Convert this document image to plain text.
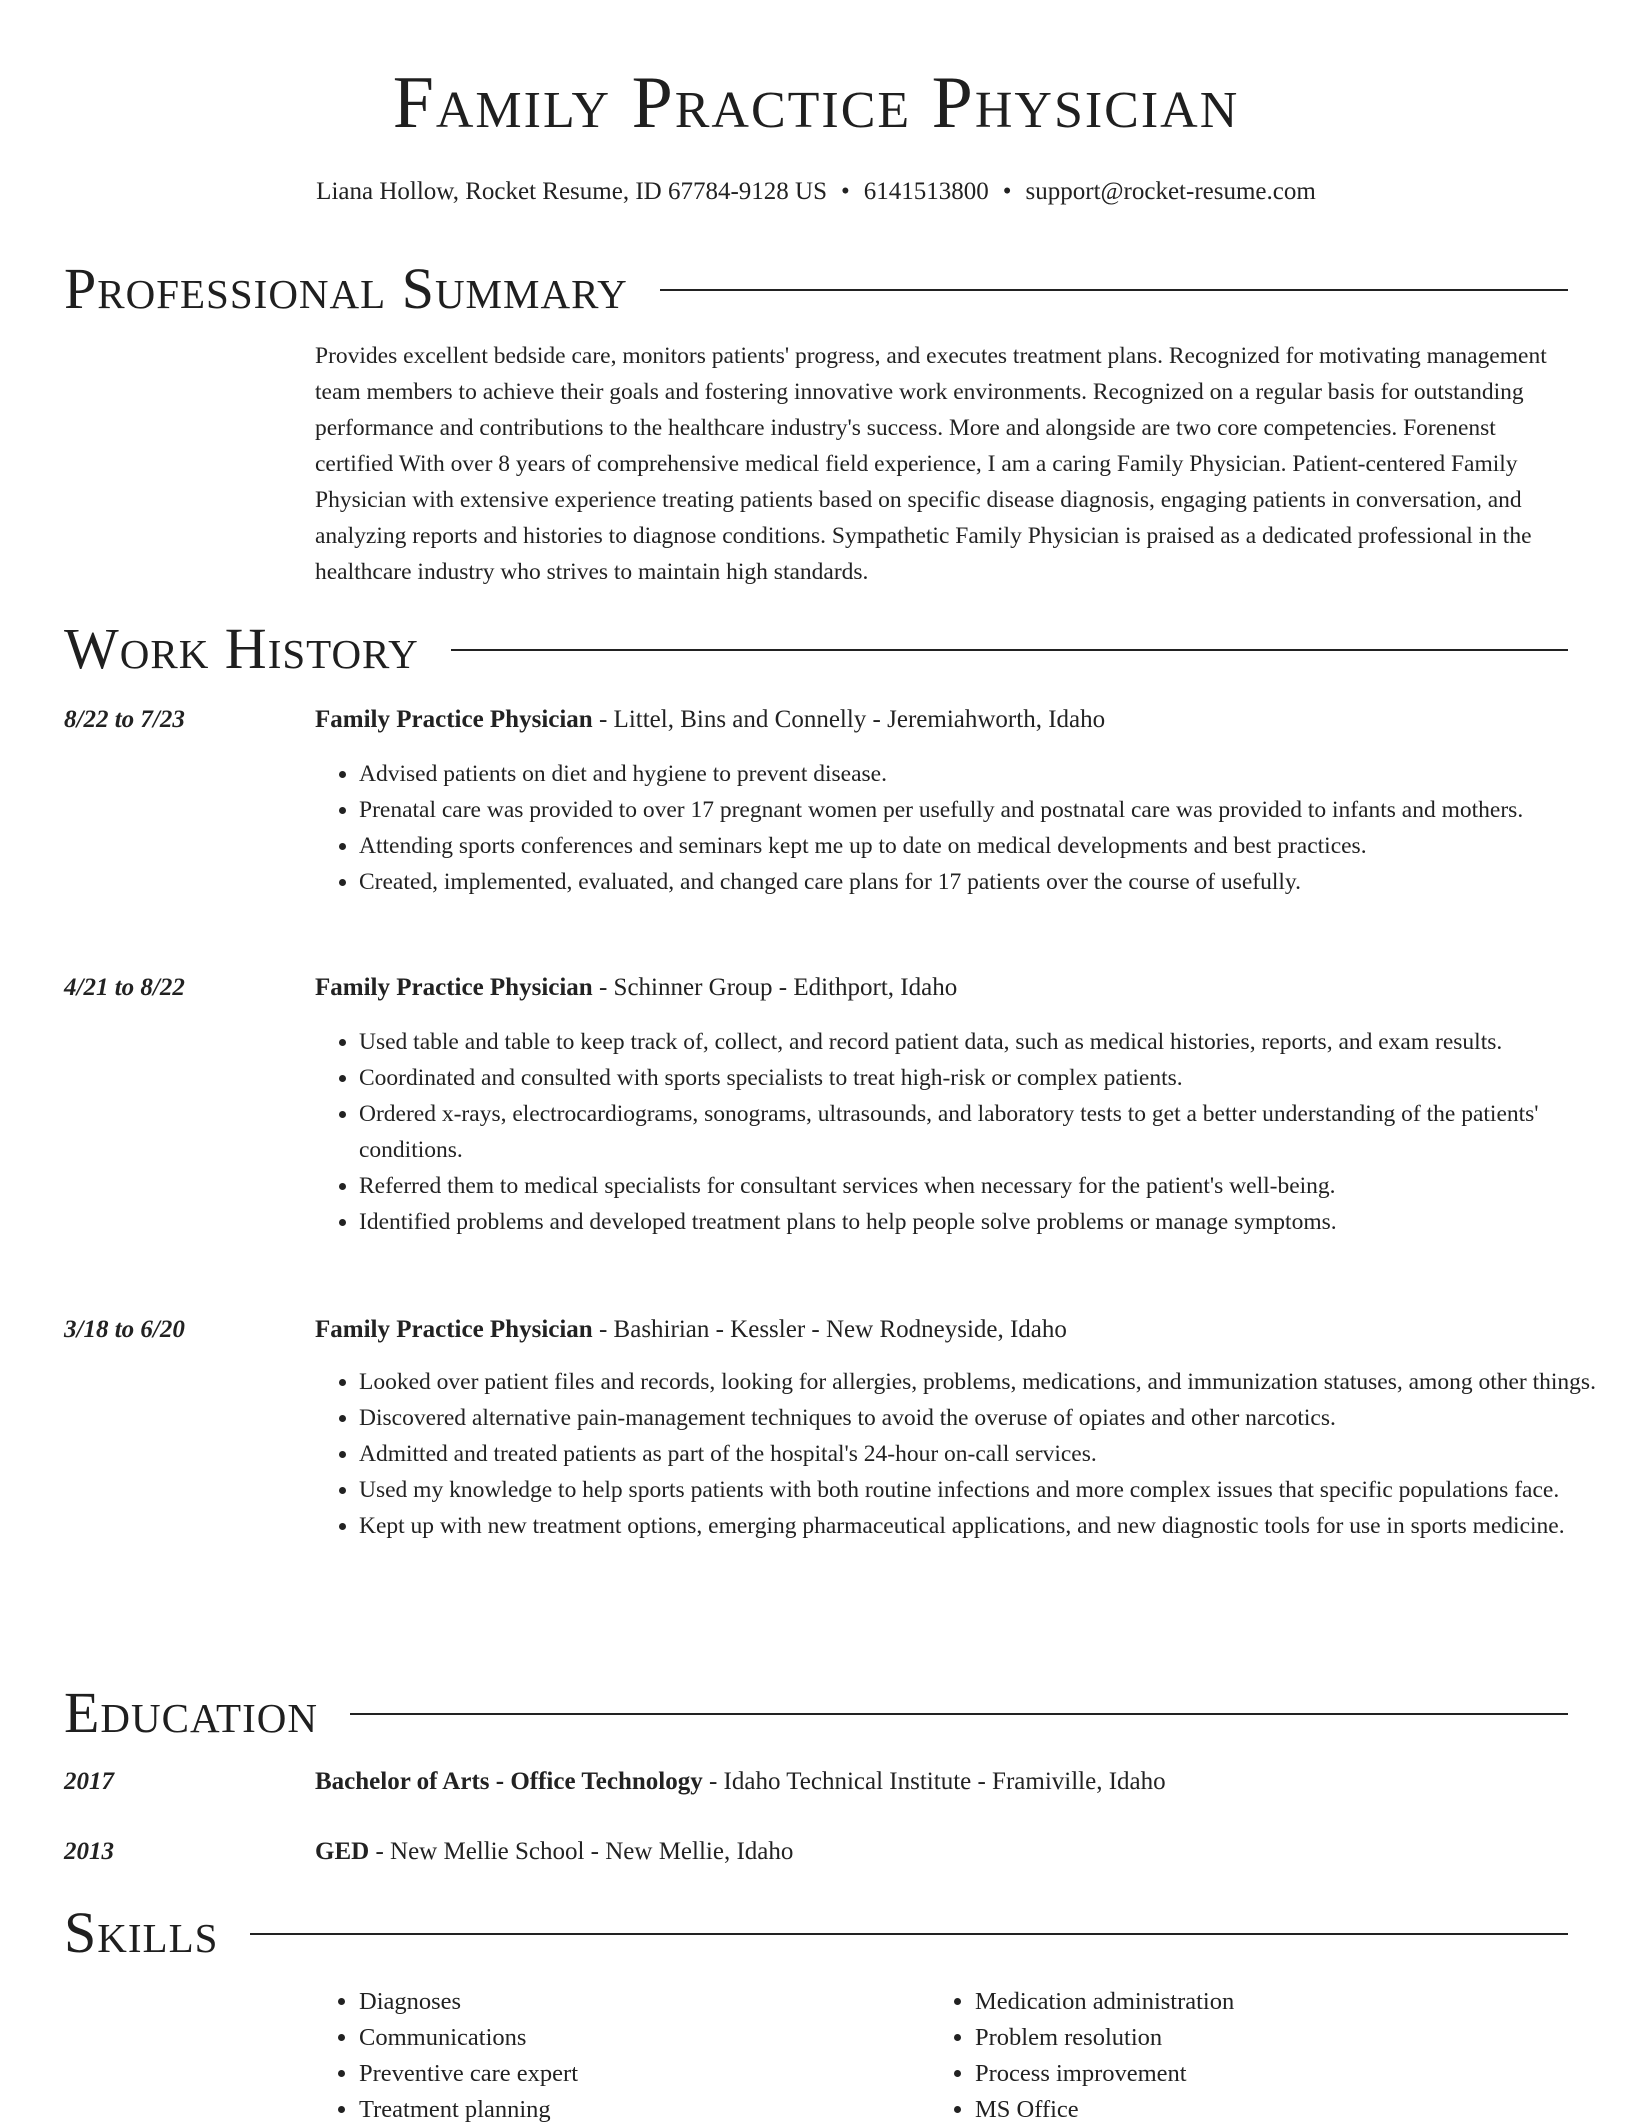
Family Practice Physician
Liana Hollow, Rocket Resume, ID 67784-9128 US • 6141513800 • support@rocket-resume.com
Professional Summary

Provides excellent bedside care, monitors patients' progress, and executes treatment plans. Recognized for motivating management team members to achieve their goals and fostering innovative work environments. Recognized on a regular basis for outstanding performance and contributions to the healthcare industry's success. More and alongside are two core competencies. Forenenst certified With over 8 years of comprehensive medical field experience, I am a caring Family Physician. Patient-centered Family Physician with extensive experience treating patients based on specific disease diagnosis, engaging patients in conversation, and analyzing reports and histories to diagnose conditions. Sympathetic Family Physician is praised as a dedicated professional in the healthcare industry who strives to maintain high standards.

Work History
8/22 to 7/23	Family Practice Physician - Littel, Bins and Connelly - Jeremiahworth, Idaho
• Advised patients on diet and hygiene to prevent disease.
• Prenatal care was provided to over 17 pregnant women per usefully and postnatal care was provided to infants and mothers.
• Attending sports conferences and seminars kept me up to date on medical developments and best practices.
• Created, implemented, evaluated, and changed care plans for 17 patients over the course of usefully.
4/21 to 8/22	Family Practice Physician - Schinner Group - Edithport, Idaho
• Used table and table to keep track of, collect, and record patient data, such as medical histories, reports, and exam results.
• Coordinated and consulted with sports specialists to treat high-risk or complex patients.
• Ordered x-rays, electrocardiograms, sonograms, ultrasounds, and laboratory tests to get a better understanding of the patients' conditions.
• Referred them to medical specialists for consultant services when necessary for the patient's well-being.
• Identified problems and developed treatment plans to help people solve problems or manage symptoms.
3/18 to 6/20	Family Practice Physician - Bashirian - Kessler - New Rodneyside, Idaho
• Looked over patient files and records, looking for allergies, problems, medications, and immunization statuses, among other things.
• Discovered alternative pain-management techniques to avoid the overuse of opiates and other narcotics.
• Admitted and treated patients as part of the hospital's 24-hour on-call services.
• Used my knowledge to help sports patients with both routine infections and more complex issues that specific populations face.
• Kept up with new treatment options, emerging pharmaceutical applications, and new diagnostic tools for use in sports medicine.
Education
2017	Bachelor of Arts - Office Technology - Idaho Technical Institute - Framiville, Idaho
2013	GED - New Mellie School - New Mellie, Idaho
Skills
• Diagnoses
• Communications
• Preventive care expert
• Treatment planning
• Medication administration
• Problem resolution
• Process improvement
• MS Office
